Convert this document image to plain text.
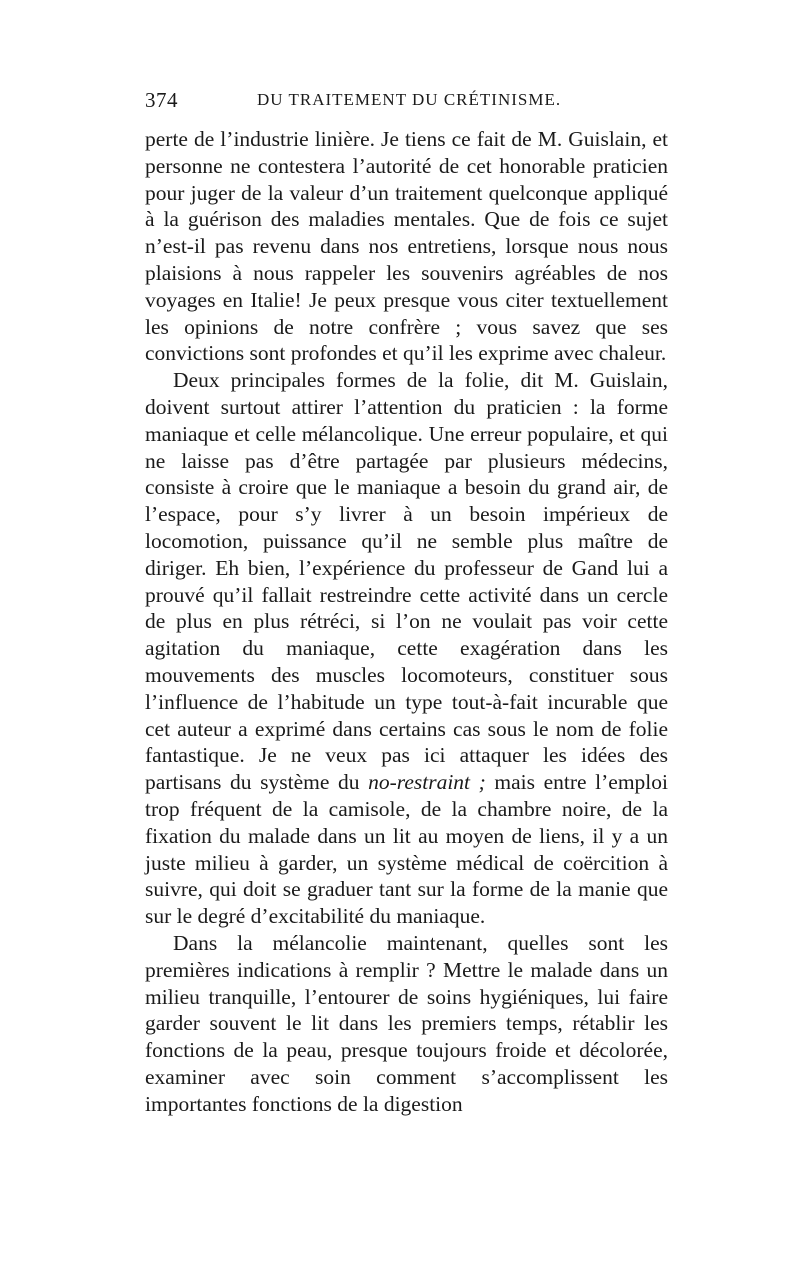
374	DU TRAITEMENT DU CRÉTINISME.

perte de l’industrie linière. Je tiens ce fait de M. Guislain, et personne ne contestera l’autorité de cet honorable praticien pour juger de la valeur d’un traitement quelconque appliqué à la guérison des maladies mentales. Que de fois ce sujet n’est-il pas revenu dans nos entretiens, lorsque nous nous plaisions à nous rappeler les souvenirs agréables de nos voyages en Italie! Je peux presque vous citer textuellement les opinions de notre confrère ; vous savez que ses convictions sont profondes et qu’il les exprime avec chaleur.

Deux principales formes de la folie, dit M. Guislain, doivent surtout attirer l’attention du praticien : la forme maniaque et celle mélancolique. Une erreur populaire, et qui ne laisse pas d’être partagée par plusieurs médecins, consiste à croire que le maniaque a besoin du grand air, de l’espace, pour s’y livrer à un besoin impérieux de locomotion, puissance qu’il ne semble plus maître de diriger. Eh bien, l’expérience du professeur de Gand lui a prouvé qu’il fallait restreindre cette activité dans un cercle de plus en plus rétréci, si l’on ne voulait pas voir cette agitation du maniaque, cette exagération dans les mouvements des muscles locomoteurs, constituer sous l’influence de l’habitude un type tout-à-fait incurable que cet auteur a exprimé dans certains cas sous le nom de folie fantastique. Je ne veux pas ici attaquer les idées des partisans du système du no-restraint ; mais entre l’emploi trop fréquent de la camisole, de la chambre noire, de la fixation du malade dans un lit au moyen de liens, il y a un juste milieu à garder, un système médical de coërcition à suivre, qui doit se graduer tant sur la forme de la manie que sur le degré d’excitabilité du maniaque.

Dans la mélancolie maintenant, quelles sont les premières indications à remplir ? Mettre le malade dans un milieu tranquille, l’entourer de soins hygiéniques, lui faire garder souvent le lit dans les premiers temps, rétablir les fonctions de la peau, presque toujours froide et décolorée, examiner avec soin comment s’accomplissent les importantes fonctions de la digestion
